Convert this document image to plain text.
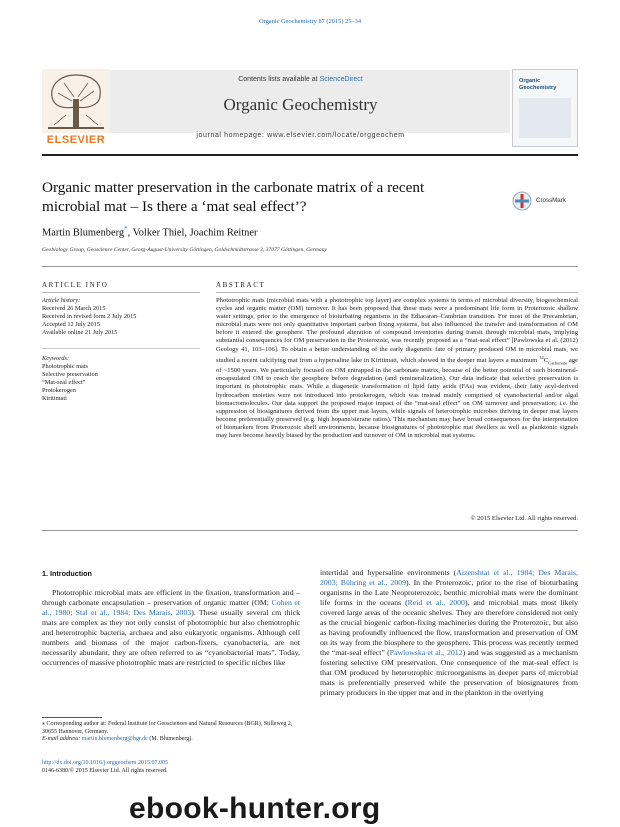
Organic Geochemistry 87 (2015) 25–34
Contents lists available at ScienceDirect
Organic Geochemistry
journal homepage: www.elsevier.com/locate/orggeochem
ELSEVIER
Organic Geochemistry
Organic matter preservation in the carbonate matrix of a recent microbial mat – Is there a ‘mat seal effect’?	CrossMark
Martin Blumenberg*, Volker Thiel, Joachim Reitner
Geobiology Group, Geoscience Center, Georg-August-University Göttingen, Goldschmidtstrasse 3, 37077 Göttingen, Germany
ARTICLE INFO	ABSTRACT
Article history:
Received 26 March 2015
Received in revised form 2 July 2015
Accepted 12 July 2015
Available online 21 July 2015
Keywords:
Phototrophic mats
Selective preservation
“Mat-seal effect”
Protokerogen
Kiritimati
Phototrophic mats (microbial mats with a phototrophic top layer) are complex systems in terms of microbial diversity, biogeochemical cycles and organic matter (OM) turnover. It has been proposed that these mats were a predominant life form in Proterozoic shallow water settings, prior to the emergence of bioturbating organisms in the Ediacaran–Cambrian transition. For most of the Precambrian, microbial mats were not only quantitative important carbon fixing systems, but also influenced the transfer and transformation of OM before it entered the geosphere. The profound alteration of compound inventories during transit through microbial mats, implying substantial consequences for OM preservation in the Proterozoic, was recently proposed as a “mat-seal effect” [Pawlowska et al. (2012) Geology 41, 103–106]. To obtain a better understanding of the early diagenetic fate of primary produced OM in microbial mats, we studied a recent calcifying mat from a hypersaline lake in Kiritimati, which showed in the deeper mat layers a maximum $^{14}C_{Carbonate}$ age of ~1500 years. We particularly focused on OM entrapped in the carbonate matrix, because of the better potential of such biomineral-encapsulated OM to reach the geosphere before degradation (and remineralization). Our data indicate that selective preservation is important in phototrophic mats. While a diagenetic transformation of lipid fatty acids (FAs) was evident, their fatty acyl-derived hydrocarbon moieties were not introduced into protokerogen, which was instead mainly comprised of cyanobacterial and/or algal biomacromolecules. Our data support the proposed major impact of the “mat-seal effect” on OM turnover and preservation; i.e. the suppression of biosignatures derived from the upper mat layers, while signals of heterotrophic microbes thriving in deeper mat layers become preferentially preserved (e.g. high hopane/sterane ratios). This mechanism may have broad consequences for the interpretation of biomarkers from Proterozoic shelf environments, because biosignatures of phototrophic mat dwellers as well as planktonic signals may have become heavily biased by the production and turnover of OM in microbial mat systems.
© 2015 Elsevier Ltd. All rights reserved.
1. Introduction

Phototrophic microbial mats are efficient in the fixation, transformation and – through carbonate encapsulation – preservation of organic matter (OM; Cohen et al., 1980; Stal et al., 1984; Des Marais, 2003). These usually several cm thick mats are complex as they not only consist of phototrophic but also chemotrophic and heterotrophic bacteria, archaea and also eukaryotic organisms. Although cell numbers and biomass of the major carbon-fixers, cyanobacteria, are not necessarily abundant, they are often referred to as “cyanobacterial mats”. Today, occurrences of massive phototrophic mats are restricted to specific niches like

intertidal and hypersaline environments (Aizenshtat et al., 1984; Des Marais, 2003; Bühring et al., 2009). In the Proterozoic, prior to the rise of bioturbating organisms in the Late Neoproterozoic, benthic microbial mats were the dominant life forms in the oceans (Reid et al., 2000), and microbial mats most likely covered large areas of the oceanic shelves. They are therefore considered not only as the crucial biogenic carbon-fixing machineries during the Proterozoic, but also as having profoundly influenced the flow, transformation and preservation of OM on its way from the biosphere to the geosphere. This process was recently termed the “mat-seal effect” (Pawlowska et al., 2012) and was suggested as a mechanism fostering selective OM preservation. One consequence of the mat-seal effect is that OM produced by heterotrophic microorganisms in deeper parts of microbial mats is preferentially preserved while the preservation of biosignatures from primary producers in the upper mat and in the plankton in the overlying

⁎ Corresponding author at: Federal Institute for Geosciences and Natural Resources (BGR), Stilleweg 2, 30655 Hannover, Germany.
E-mail address: martin.blumenberg@bgr.de (M. Blumenberg).
http://dx.doi.org/10.1016/j.orggeochem.2015.07.005
0146-6380/© 2015 Elsevier Ltd. All rights reserved.
ebook-hunter.org
